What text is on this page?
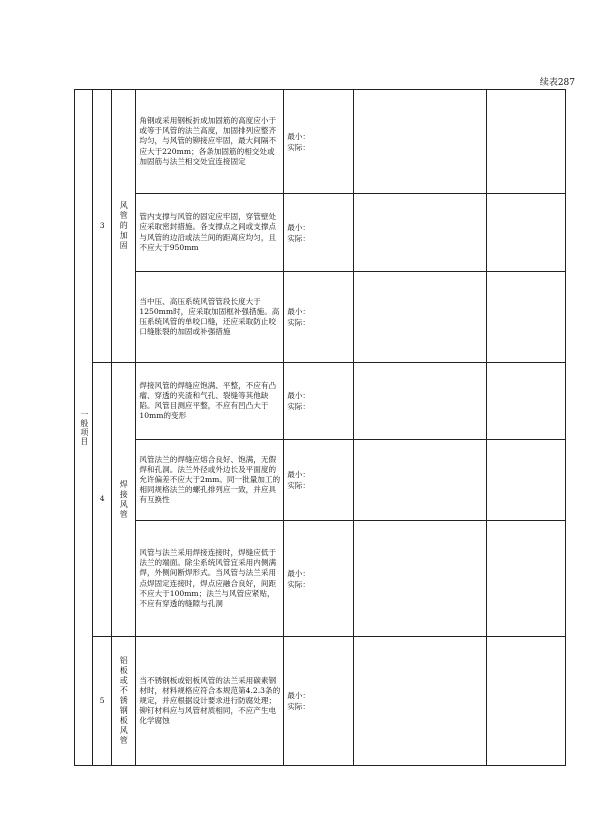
续表287
一般项目	3	风管的加固	角钢或采用钢板折成加固筋的高度应小于或等于风管的法兰高度，加固排列应整齐均匀，与风管的铆接应牢固，最大间隔不应大于220mm；各条加固筋的相交处或加固筋与法兰相交处宜连接固定	最小：
实际：		

			管内支撑与风管的固定应牢固，穿管壁处应采取密封措施。各支撑点之间或支撑点与风管的边沿或法兰间的距离应均匀，且不应大于950mm	最小：
实际：		

			当中压、高压系统风管管段长度大于1250mm时，应采取加固框补强措施。高压系统风管的单咬口缝，还应采取防止咬口缝胀裂的加固或补强措施	最小：
实际：		

	4	焊接风管	焊接风管的焊缝应饱满、平整，不应有凸瘤、穿透的夹渣和气孔、裂缝等其他缺陷。风管目测应平整，不应有凹凸大于10mm的变形	最小：
实际：		

			风管法兰的焊缝应熔合良好、饱满，无假焊和孔洞。法兰外径或外边长及平面度的允许偏差不应大于2mm。同一批量加工的相同规格法兰的螺孔排列应一致，并应具有互换性	最小：
实际：		

			风管与法兰采用焊接连接时，焊缝应低于法兰的端面。除尘系统风管宜采用内侧满焊，外侧间断焊形式。当风管与法兰采用点焊固定连接时，焊点应融合良好，间距不应大于100mm；法兰与风管应紧贴，不应有穿透的缝隙与孔洞	最小：
实际：		

	5	铝板或不锈钢板风管	当不锈钢板或铝板风管的法兰采用碳素钢材时，材料规格应符合本规范第4.2.3条的规定，并应根据设计要求进行防腐处理；铆钉材料应与风管材质相同，不应产生电化学腐蚀	最小：
实际：		
